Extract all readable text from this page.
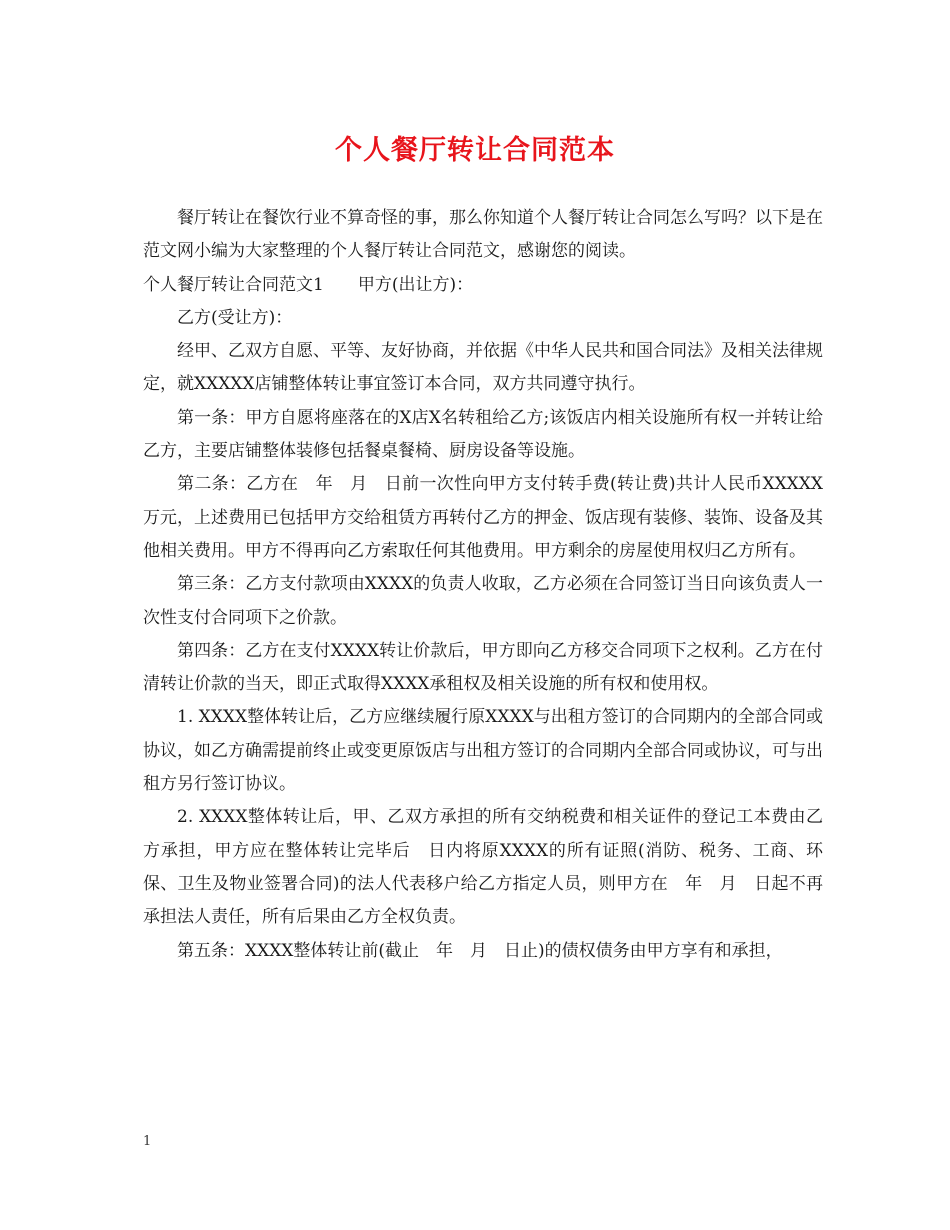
个人餐厅转让合同范本

餐厅转让在餐饮行业不算奇怪的事，那么你知道个人餐厅转让合同怎么写吗？以下是在范文网小编为大家整理的个人餐厅转让合同范文，感谢您的阅读。

个人餐厅转让合同范文1　　甲方(出让方)：

乙方(受让方)：

经甲、乙双方自愿、平等、友好协商，并依据《中华人民共和国合同法》及相关法律规定，就XXXXX店铺整体转让事宜签订本合同，双方共同遵守执行。

第一条：甲方自愿将座落在的X店X名转租给乙方;该饭店内相关设施所有权一并转让给乙方，主要店铺整体装修包括餐桌餐椅、厨房设备等设施。

第二条：乙方在　年　月　日前一次性向甲方支付转手费(转让费)共计人民币XXXXX万元，上述费用已包括甲方交给租赁方再转付乙方的押金、饭店现有装修、装饰、设备及其他相关费用。甲方不得再向乙方索取任何其他费用。甲方剩余的房屋使用权归乙方所有。

第三条：乙方支付款项由XXXX的负责人收取，乙方必须在合同签订当日向该负责人一次性支付合同项下之价款。

第四条：乙方在支付XXXX转让价款后，甲方即向乙方移交合同项下之权利。乙方在付清转让价款的当天，即正式取得XXXX承租权及相关设施的所有权和使用权。

1. XXXX整体转让后，乙方应继续履行原XXXX与出租方签订的合同期内的全部合同或协议，如乙方确需提前终止或变更原饭店与出租方签订的合同期内全部合同或协议，可与出租方另行签订协议。

2. XXXX整体转让后，甲、乙双方承担的所有交纳税费和相关证件的登记工本费由乙方承担，甲方应在整体转让完毕后　日内将原XXXX的所有证照(消防、税务、工商、环保、卫生及物业签署合同)的法人代表移户给乙方指定人员，则甲方在　年　月　日起不再承担法人责任，所有后果由乙方全权负责。

第五条：XXXX整体转让前(截止　年　月　日止)的债权债务由甲方享有和承担，

1
